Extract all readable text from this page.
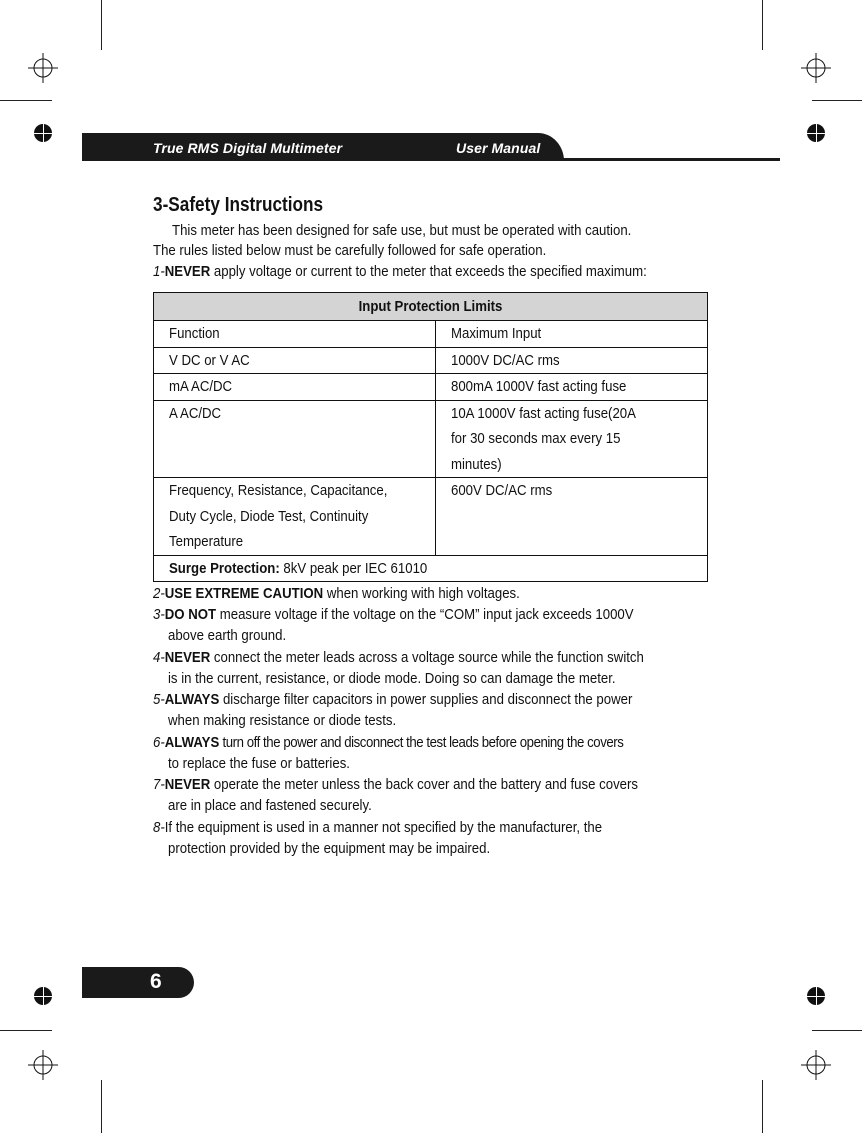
True RMS Digital Multimeter	User Manual
3-Safety Instructions
This meter has been designed for safe use, but must be operated with caution.
The rules listed below must be carefully followed for safe operation.
1-NEVER apply voltage or current to the meter that exceeds the specified maximum:
Input Protection Limits	

Function	Maximum Input

V DC or V AC	1000V DC/AC rms

mA AC/DC	800mA 1000V fast acting fuse

A AC/DC	10A 1000V fast acting fuse(20A
for 30 seconds max every 15
minutes)

Frequency, Resistance, Capacitance,
Duty Cycle, Diode Test, Continuity
Temperature	600V DC/AC rms

Surge Protection: 8kV peak per IEC 61010	
2-USE EXTREME CAUTION when working with high voltages.
3-DO NOT measure voltage if the voltage on the “COM” input jack exceeds 1000V
above earth ground.
4-NEVER connect the meter leads across a voltage source while the function switch
is in the current, resistance, or diode mode. Doing so can damage the meter.
5-ALWAYS discharge filter capacitors in power supplies and disconnect the power
when making resistance or diode tests.
6-ALWAYS turn off the power and disconnect the test leads before opening the covers
to replace the fuse or batteries.
7-NEVER operate the meter unless the back cover and the battery and fuse covers
are in place and fastened securely.
8-If the equipment is used in a manner not specified by the manufacturer, the
protection provided by the equipment may be impaired.
6
